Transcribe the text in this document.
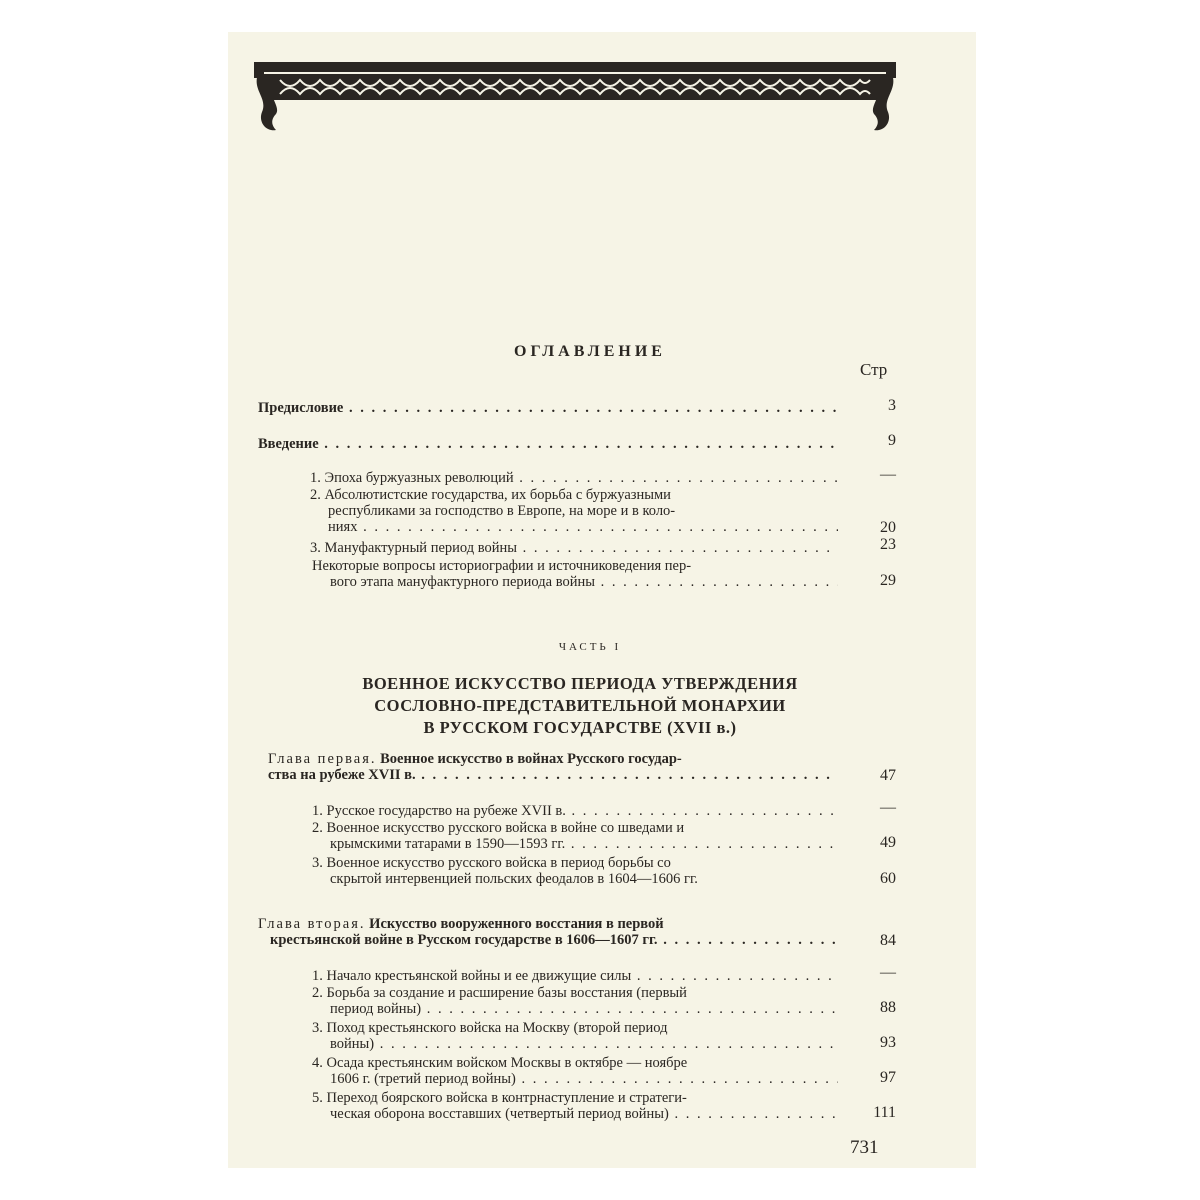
ОГЛАВЛЕНИЕ
Стр
Предисловие . . .	3
Введение . . .	9
1. Эпоха буржуазных революций . . .	—
2. Абсолютистские государства, их борьба с буржуазными
республиками за господство в Европе, на море и в коло-
ниях . . .	20
3. Мануфактурный период войны . . .	23
Некоторые вопросы историографии и источниковедения пер-
вого этапа мануфактурного периода войны . . .	29
ЧАСТЬ I
ВОЕННОЕ ИСКУССТВО ПЕРИОДА УТВЕРЖДЕНИЯ
СОСЛОВНО-ПРЕДСТАВИТЕЛЬНОЙ МОНАРХИИ
В РУССКОМ ГОСУДАРСТВЕ (XVII в.)
Глава первая. Военное искусство в войнах Русского государ-
ства на рубеже XVII в. . . .	47
1. Русское государство на рубеже XVII в. . . .	—
2. Военное искусство русского войска в войне со шведами и
крымскими татарами в 1590—1593 гг. . . .	49
3. Военное искусство русского войска в период борьбы со
скрытой интервенцией польских феодалов в 1604—1606 гг.	60
Глава вторая. Искусство вооруженного восстания в первой
крестьянской войне в Русском государстве в 1606—1607 гг. . . .	84
1. Начало крестьянской войны и ее движущие силы . . .	—
2. Борьба за создание и расширение базы восстания (первый
период войны) . . .	88
3. Поход крестьянского войска на Москву (второй период
войны) . . .	93
4. Осада крестьянским войском Москвы в октябре — ноябре
1606 г. (третий период войны) . . .	97
5. Переход боярского войска в контрнаступление и стратеги-
ческая оборона восставших (четвертый период войны) . . .	111
731
